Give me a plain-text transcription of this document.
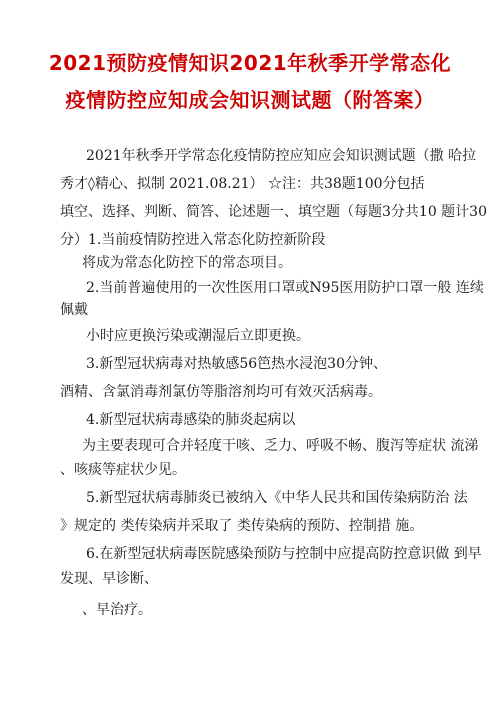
2021预防疫情知识2021年秋季开学常态化
疫情防控应知成会知识测试题（附答案）
2021年秋季开学常态化疫情防控应知应会知识测试题（撒 哈拉
秀才◊精心、拟制 2021.08.21） ☆注：共38题100分包括
填空、选择、判断、简答、论述题一、填空题（每题3分共10 题计30
分）1.当前疫情防控进入常态化防控新阶段
将成为常态化防控下的常态项目。
2.当前普遍使用的一次性医用口罩或N95医用防护口罩一般 连续
佩戴
小时应更换污染或潮湿后立即更换。
3.新型冠状病毒对热敏感56笆热水浸泡30分钟、
酒精、含氯消毒剂氯仿等脂溶剂均可有效灭活病毒。
4.新型冠状病毒感染的肺炎起病以
为主要表现可合并轻度干咳、乏力、呼吸不畅、腹泻等症状 流涕
、咳痰等症状少见。
5.新型冠状病毒肺炎已被纳入《中华人民共和国传染病防治 法
》规定的 类传染病并采取了 类传染病的预防、控制措 施。
6.在新型冠状病毒医院感染预防与控制中应提高防控意识做 到早
发现、早诊断、
、早治疗。
